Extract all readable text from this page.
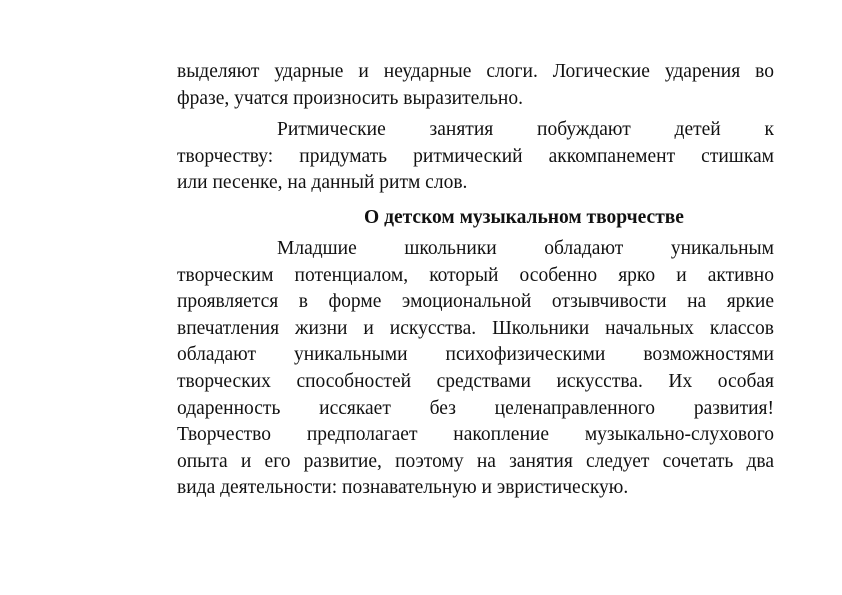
выделяют ударные и неударные слоги. Логические ударения во
фразе, учатся произносить выразительно.
Ритмические занятия побуждают детей к
творчеству: придумать ритмический аккомпанемент стишкам
или песенке, на данный ритм слов.
О детском музыкальном творчестве
Младшие школьники обладают уникальным
творческим потенциалом, который особенно ярко и активно
проявляется в форме эмоциональной отзывчивости на яркие
впечатления жизни и искусства. Школьники начальных классов
обладают уникальными психофизическими возможностями
творческих способностей средствами искусства. Их особая
одаренность иссякает без целенаправленного развития!
Творчество предполагает накопление музыкально-слухового
опыта и его развитие, поэтому на занятия следует сочетать два
вида деятельности: познавательную и эвристическую.
